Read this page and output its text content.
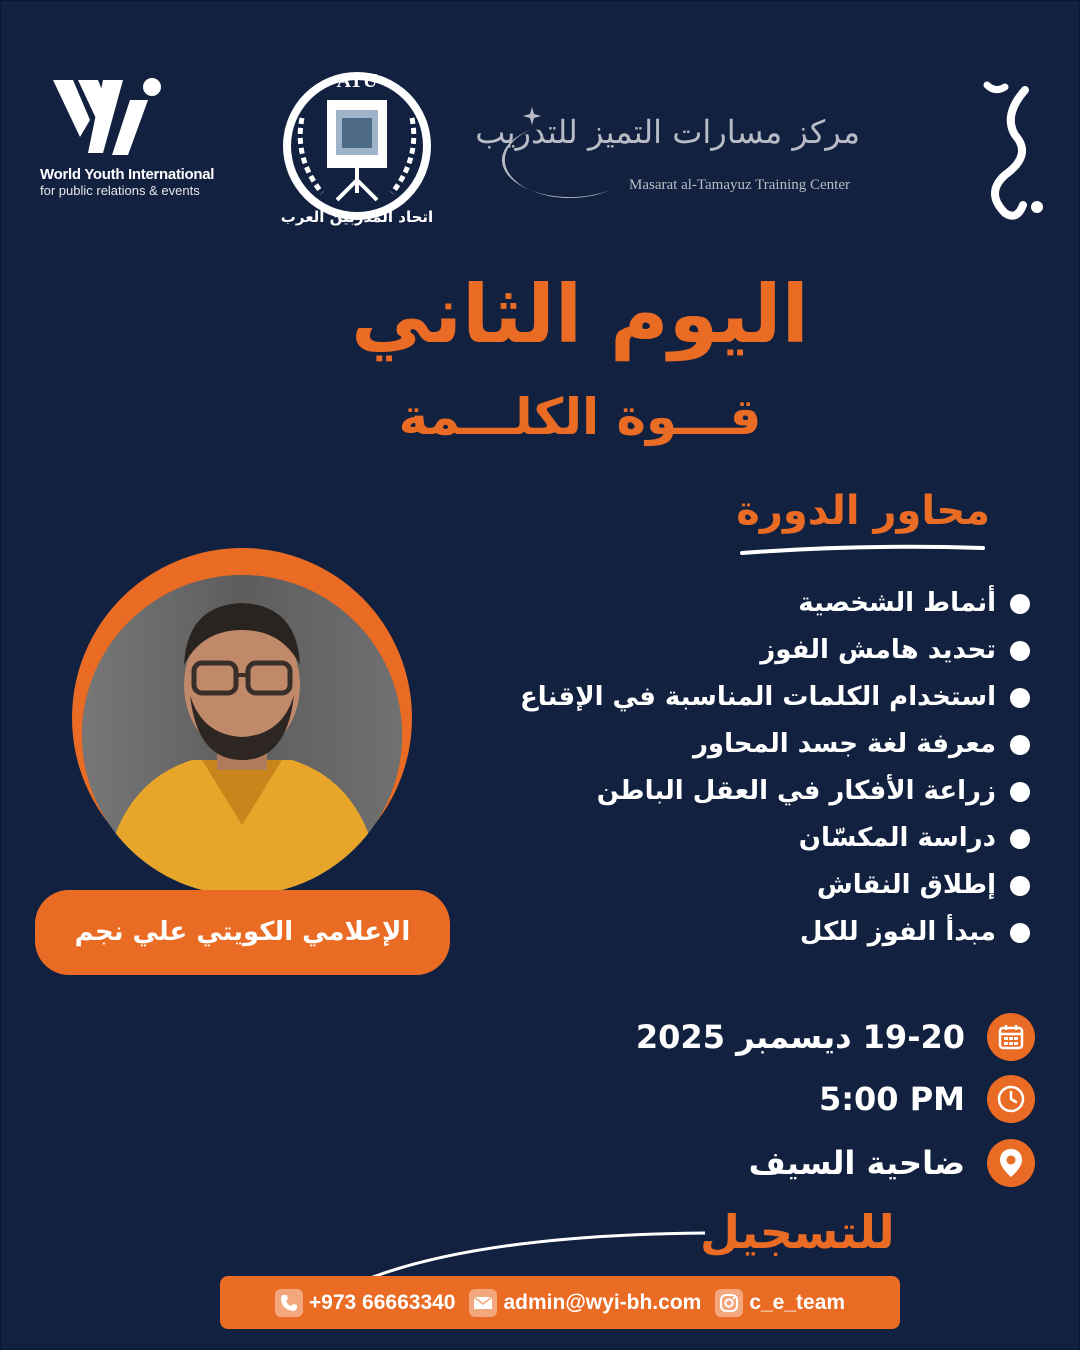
World Youth International
for public relations & events
ATU
اتحاد المدربين العرب
مركز مسارات التميز للتدريب
Masarat al-Tamayuz Training Center
اليوم الثاني
قـــوة الكلـــمة
محاور الدورة
أنماط الشخصية
تحديد هامش الفوز
استخدام الكلمات المناسبة في الإقناع
معرفة لغة جسد المحاور
زراعة الأفكار في العقل الباطن
دراسة المكسّان
إطلاق النقاش
مبدأ الفوز للكل
الإعلامي الكويتي علي نجم
19-20 ديسمبر 2025
5:00 PM
ضاحية السيف
للتسجيل
+973 66663340 admin@wyi-bh.com c_e_team
